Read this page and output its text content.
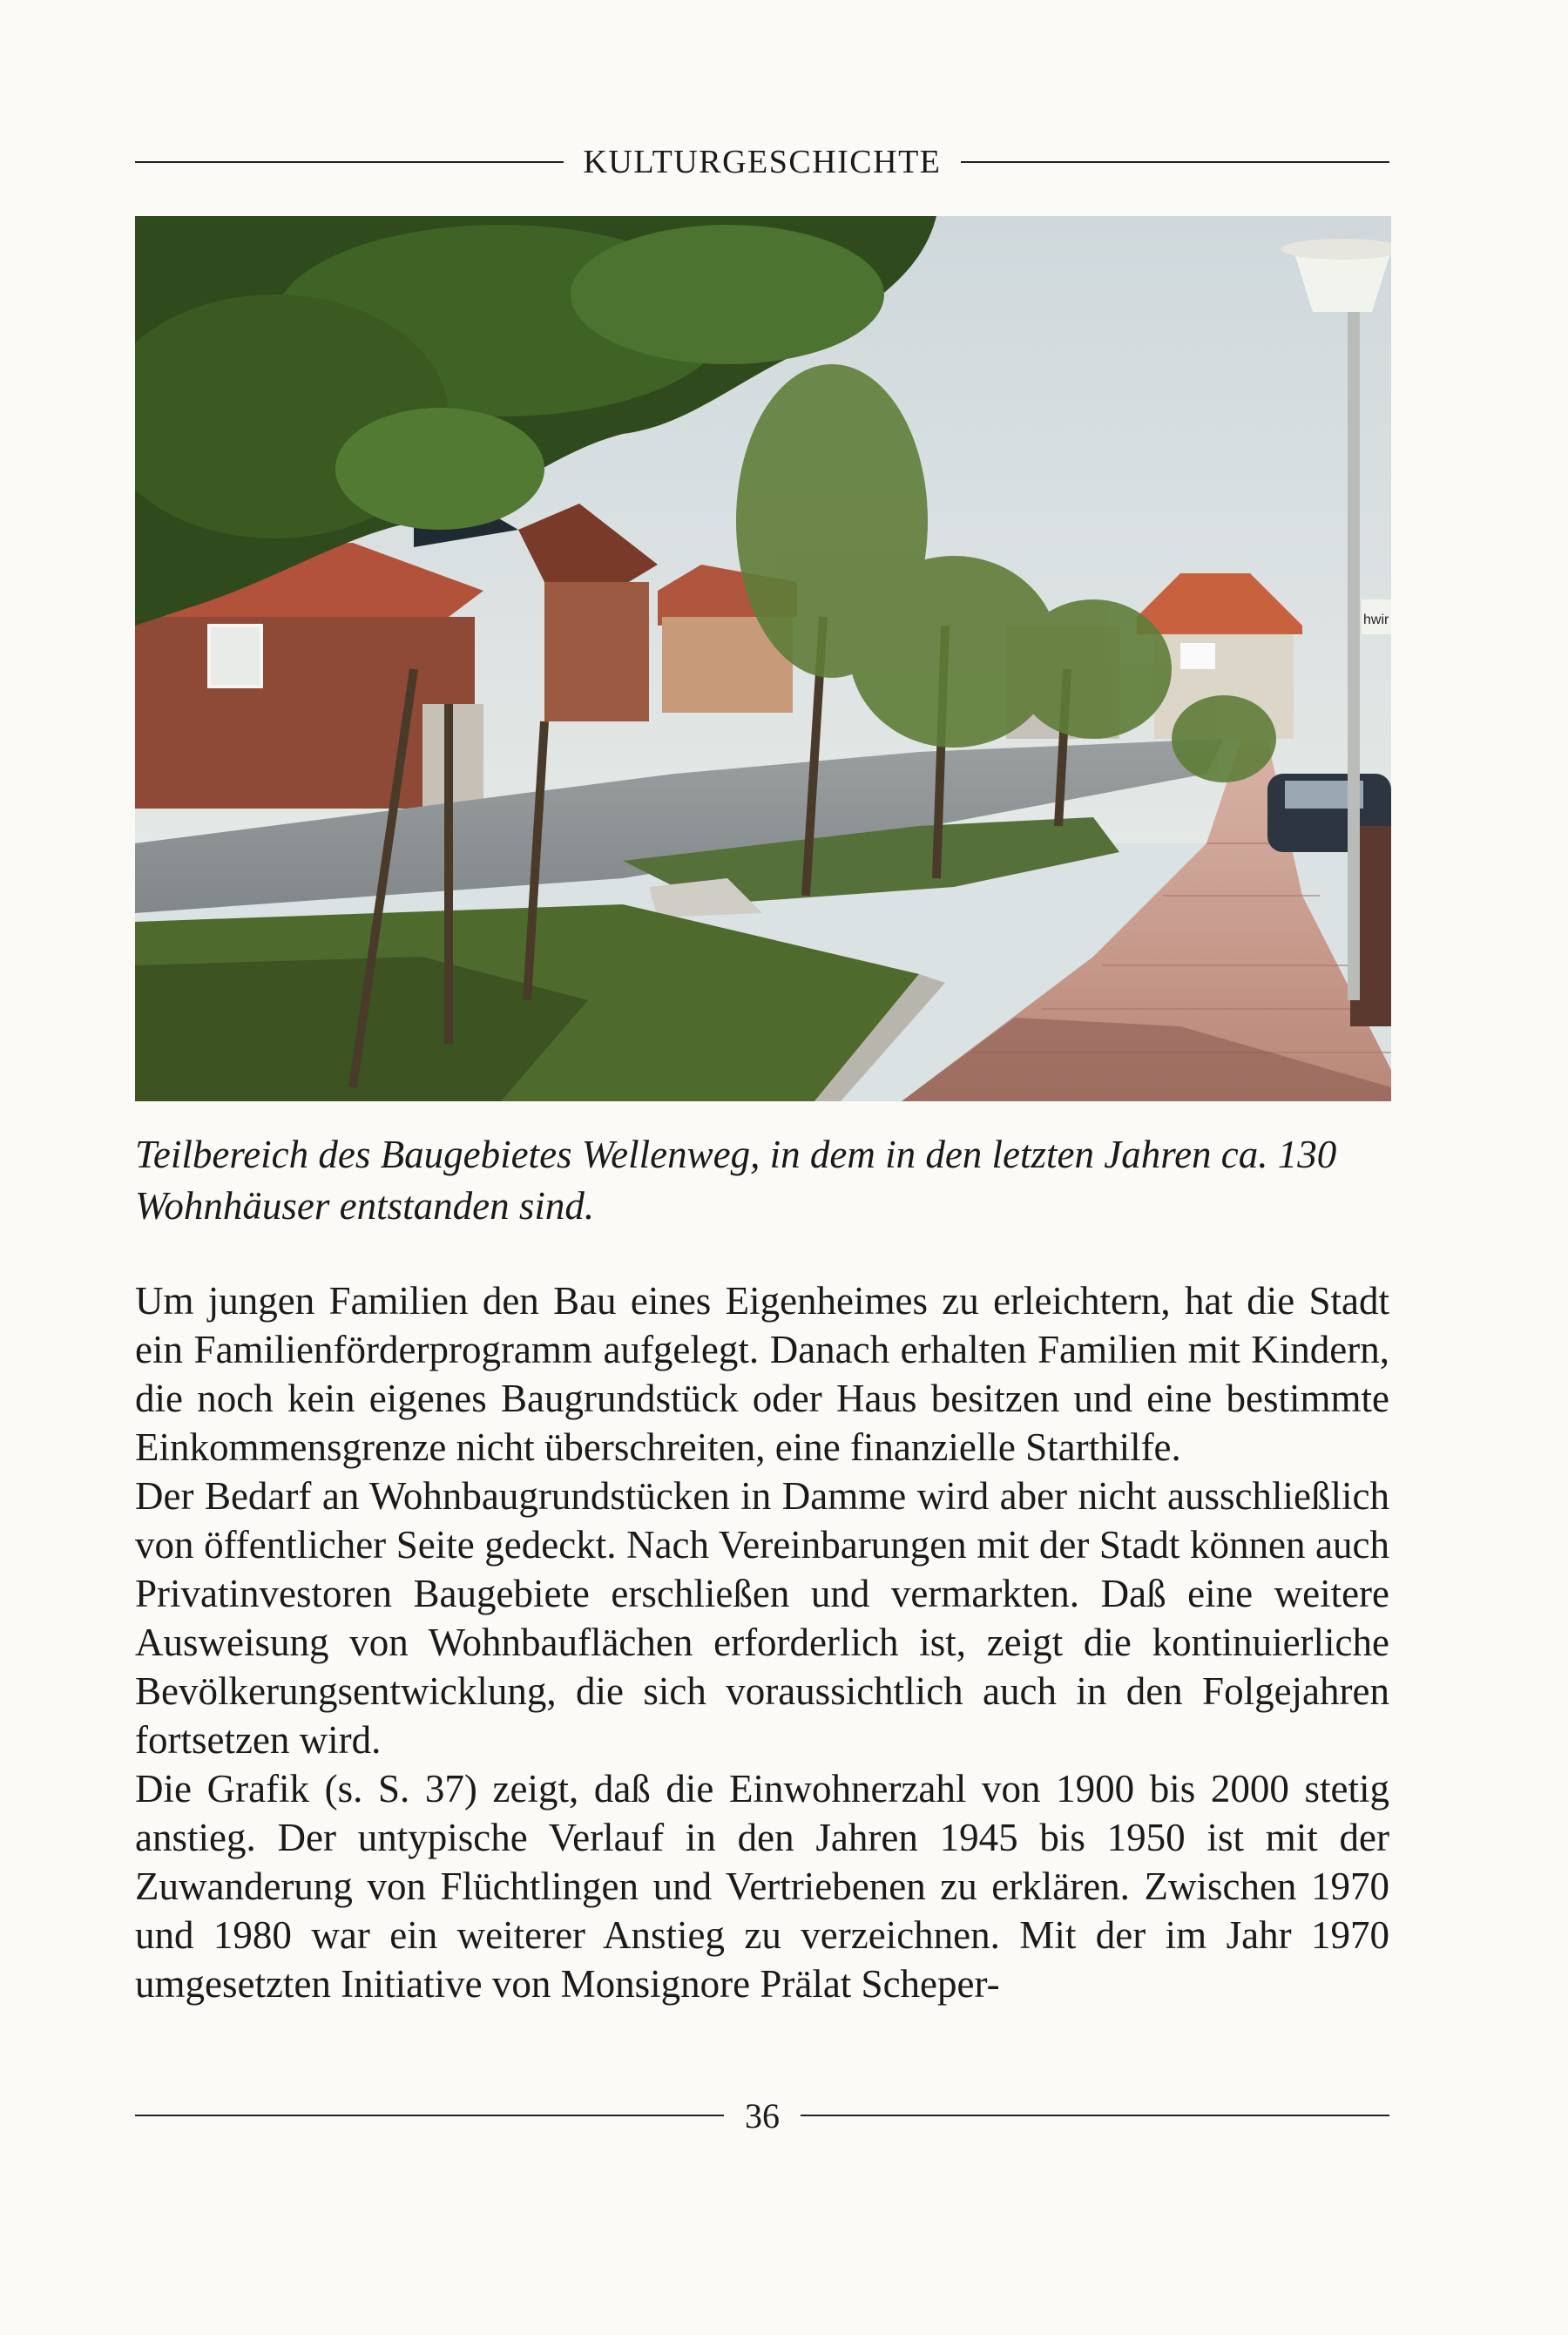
KULTURGESCHICHTE
hwir
Teilbereich des Baugebietes Wellenweg, in dem in den letzten Jahren ca. 130 Wohnhäuser entstanden sind.

Um jungen Familien den Bau eines Eigenheimes zu erleichtern, hat die Stadt ein Familienförderprogramm aufgelegt. Danach erhalten Familien mit Kindern, die noch kein eigenes Baugrundstück oder Haus besitzen und eine bestimmte Einkommensgrenze nicht überschreiten, eine finanzielle Starthilfe.

Der Bedarf an Wohnbaugrundstücken in Damme wird aber nicht ausschließlich von öffentlicher Seite gedeckt. Nach Vereinbarungen mit der Stadt können auch Privatinvestoren Baugebiete erschließen und vermarkten. Daß eine weitere Ausweisung von Wohnbauflächen erforderlich ist, zeigt die kontinuierliche Bevölkerungsentwicklung, die sich voraussichtlich auch in den Folgejahren fortsetzen wird.

Die Grafik (s. S. 37) zeigt, daß die Einwohnerzahl von 1900 bis 2000 stetig anstieg. Der untypische Verlauf in den Jahren 1945 bis 1950 ist mit der Zuwanderung von Flüchtlingen und Vertriebenen zu erklären. Zwischen 1970 und 1980 war ein weiterer Anstieg zu verzeichnen. Mit der im Jahr 1970 umgesetzten Initiative von Monsignore Prälat Scheper-

36
